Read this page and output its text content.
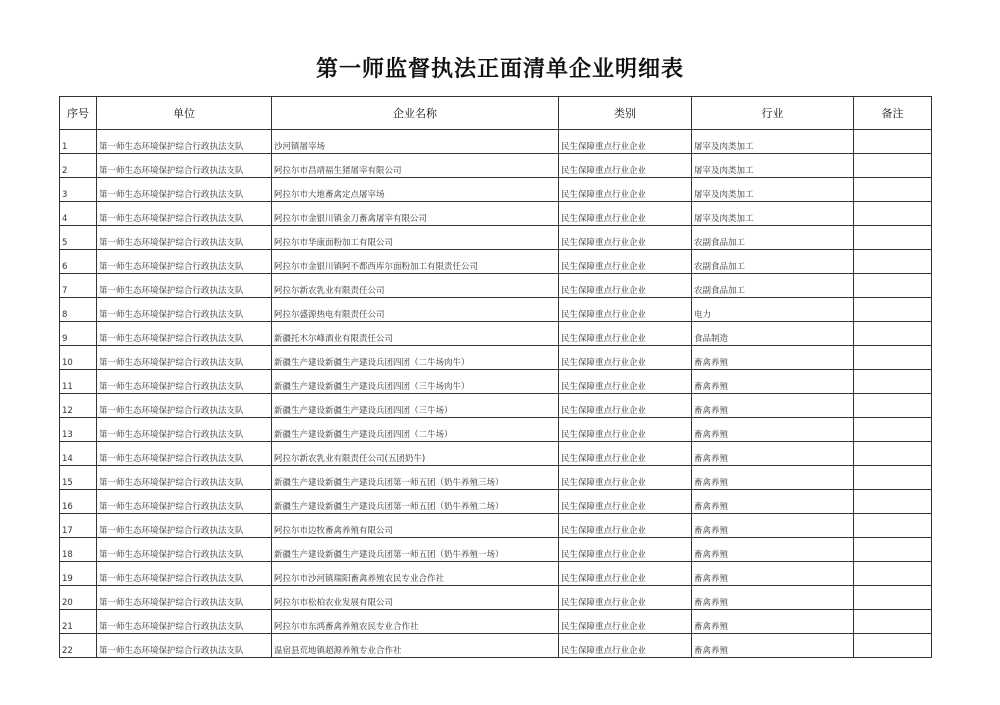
第一师监督执法正面清单企业明细表
序号	单位	企业名称	类别	行业	备注
1	第一师生态环境保护综合行政执法支队	沙河镇屠宰场	民生保障重点行业企业	屠宰及肉类加工	
2	第一师生态环境保护综合行政执法支队	阿拉尔市昌靖福生猪屠宰有限公司	民生保障重点行业企业	屠宰及肉类加工	
3	第一师生态环境保护综合行政执法支队	阿拉尔市大地畜禽定点屠宰场	民生保障重点行业企业	屠宰及肉类加工	
4	第一师生态环境保护综合行政执法支队	阿拉尔市金银川镇金刀畜禽屠宰有限公司	民生保障重点行业企业	屠宰及肉类加工	
5	第一师生态环境保护综合行政执法支队	阿拉尔市华康面粉加工有限公司	民生保障重点行业企业	农副食品加工	
6	第一师生态环境保护综合行政执法支队	阿拉尔市金银川镇阿不都西库尔面粉加工有限责任公司	民生保障重点行业企业	农副食品加工	
7	第一师生态环境保护综合行政执法支队	阿拉尔新农乳业有限责任公司	民生保障重点行业企业	农副食品加工	
8	第一师生态环境保护综合行政执法支队	阿拉尔盛源热电有限责任公司	民生保障重点行业企业	电力	
9	第一师生态环境保护综合行政执法支队	新疆托木尔峰酒业有限责任公司	民生保障重点行业企业	食品制造	
10	第一师生态环境保护综合行政执法支队	新疆生产建设新疆生产建设兵团四团（二牛场肉牛）	民生保障重点行业企业	畜禽养殖	
11	第一师生态环境保护综合行政执法支队	新疆生产建设新疆生产建设兵团四团（三牛场肉牛）	民生保障重点行业企业	畜禽养殖	
12	第一师生态环境保护综合行政执法支队	新疆生产建设新疆生产建设兵团四团（三牛场）	民生保障重点行业企业	畜禽养殖	
13	第一师生态环境保护综合行政执法支队	新疆生产建设新疆生产建设兵团四团（二牛场）	民生保障重点行业企业	畜禽养殖	
14	第一师生态环境保护综合行政执法支队	阿拉尔新农乳业有限责任公司(五团奶牛)	民生保障重点行业企业	畜禽养殖	
15	第一师生态环境保护综合行政执法支队	新疆生产建设新疆生产建设兵团第一师五团（奶牛养殖三场）	民生保障重点行业企业	畜禽养殖	
16	第一师生态环境保护综合行政执法支队	新疆生产建设新疆生产建设兵团第一师五团（奶牛养殖二场）	民生保障重点行业企业	畜禽养殖	
17	第一师生态环境保护综合行政执法支队	阿拉尔市边牧畜禽养殖有限公司	民生保障重点行业企业	畜禽养殖	
18	第一师生态环境保护综合行政执法支队	新疆生产建设新疆生产建设兵团第一师五团（奶牛养殖一场）	民生保障重点行业企业	畜禽养殖	
19	第一师生态环境保护综合行政执法支队	阿拉尔市沙河镇瑞阳畜禽养殖农民专业合作社	民生保障重点行业企业	畜禽养殖	
20	第一师生态环境保护综合行政执法支队	阿拉尔市松柏农业发展有限公司	民生保障重点行业企业	畜禽养殖	
21	第一师生态环境保护综合行政执法支队	阿拉尔市东鸿畜禽养殖农民专业合作社	民生保障重点行业企业	畜禽养殖	
22	第一师生态环境保护综合行政执法支队	温宿县荒地镇超源养殖专业合作社	民生保障重点行业企业	畜禽养殖	
